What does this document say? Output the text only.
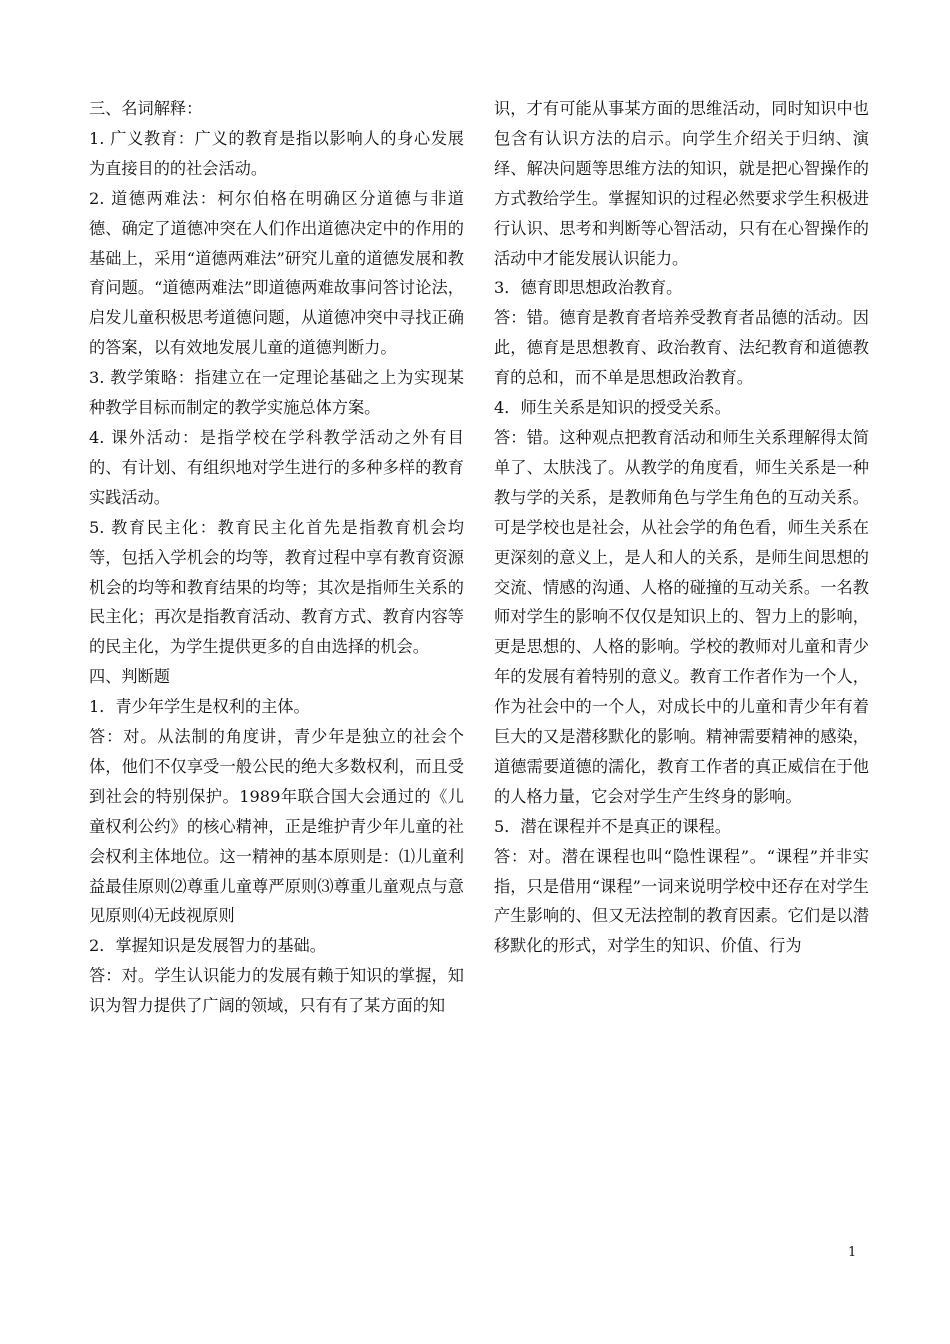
三、名词解释：

1. 广义教育：广义的教育是指以影响人的身心发展为直接目的的社会活动。

2. 道德两难法：柯尔伯格在明确区分道德与非道德、确定了道德冲突在人们作出道德决定中的作用的基础上，采用“道德两难法”研究儿童的道德发展和教育问题。“道德两难法”即道德两难故事问答讨论法，启发儿童积极思考道德问题，从道德冲突中寻找正确的答案，以有效地发展儿童的道德判断力。

3. 教学策略：指建立在一定理论基础之上为实现某种教学目标而制定的教学实施总体方案。

4. 课外活动：是指学校在学科教学活动之外有目的、有计划、有组织地对学生进行的多种多样的教育实践活动。

5. 教育民主化：教育民主化首先是指教育机会均等，包括入学机会的均等，教育过程中享有教育资源机会的均等和教育结果的均等；其次是指师生关系的民主化；再次是指教育活动、教育方式、教育内容等的民主化，为学生提供更多的自由选择的机会。

四、判断题

1．青少年学生是权利的主体。

答：对。从法制的角度讲，青少年是独立的社会个体，他们不仅享受一般公民的绝大多数权利，而且受到社会的特别保护。1989年联合国大会通过的《儿童权利公约》的核心精神，正是维护青少年儿童的社会权利主体地位。这一精神的基本原则是：⑴儿童利益最佳原则⑵尊重儿童尊严原则⑶尊重儿童观点与意见原则⑷无歧视原则

2．掌握知识是发展智力的基础。

答：对。学生认识能力的发展有赖于知识的掌握，知识为智力提供了广阔的领域，只有有了某方面的知

识，才有可能从事某方面的思维活动，同时知识中也包含有认识方法的启示。向学生介绍关于归纳、演绎、解决问题等思维方法的知识，就是把心智操作的方式教给学生。掌握知识的过程必然要求学生积极进行认识、思考和判断等心智活动，只有在心智操作的活动中才能发展认识能力。

3．德育即思想政治教育。

答：错。德育是教育者培养受教育者品德的活动。因此，德育是思想教育、政治教育、法纪教育和道德教育的总和，而不单是思想政治教育。

4．师生关系是知识的授受关系。

答：错。这种观点把教育活动和师生关系理解得太简单了、太肤浅了。从教学的角度看，师生关系是一种教与学的关系，是教师角色与学生角色的互动关系。可是学校也是社会，从社会学的角色看，师生关系在更深刻的意义上，是人和人的关系，是师生间思想的交流、情感的沟通、人格的碰撞的互动关系。一名教师对学生的影响不仅仅是知识上的、智力上的影响，更是思想的、人格的影响。学校的教师对儿童和青少年的发展有着特别的意义。教育工作者作为一个人，作为社会中的一个人，对成长中的儿童和青少年有着巨大的又是潜移默化的影响。精神需要精神的感染，道德需要道德的濡化，教育工作者的真正威信在于他的人格力量，它会对学生产生终身的影响。

5．潜在课程并不是真正的课程。

答：对。潜在课程也叫“隐性课程”。“课程”并非实指，只是借用“课程”一词来说明学校中还存在对学生产生影响的、但又无法控制的教育因素。它们是以潜移默化的形式，对学生的知识、价值、行为

1
